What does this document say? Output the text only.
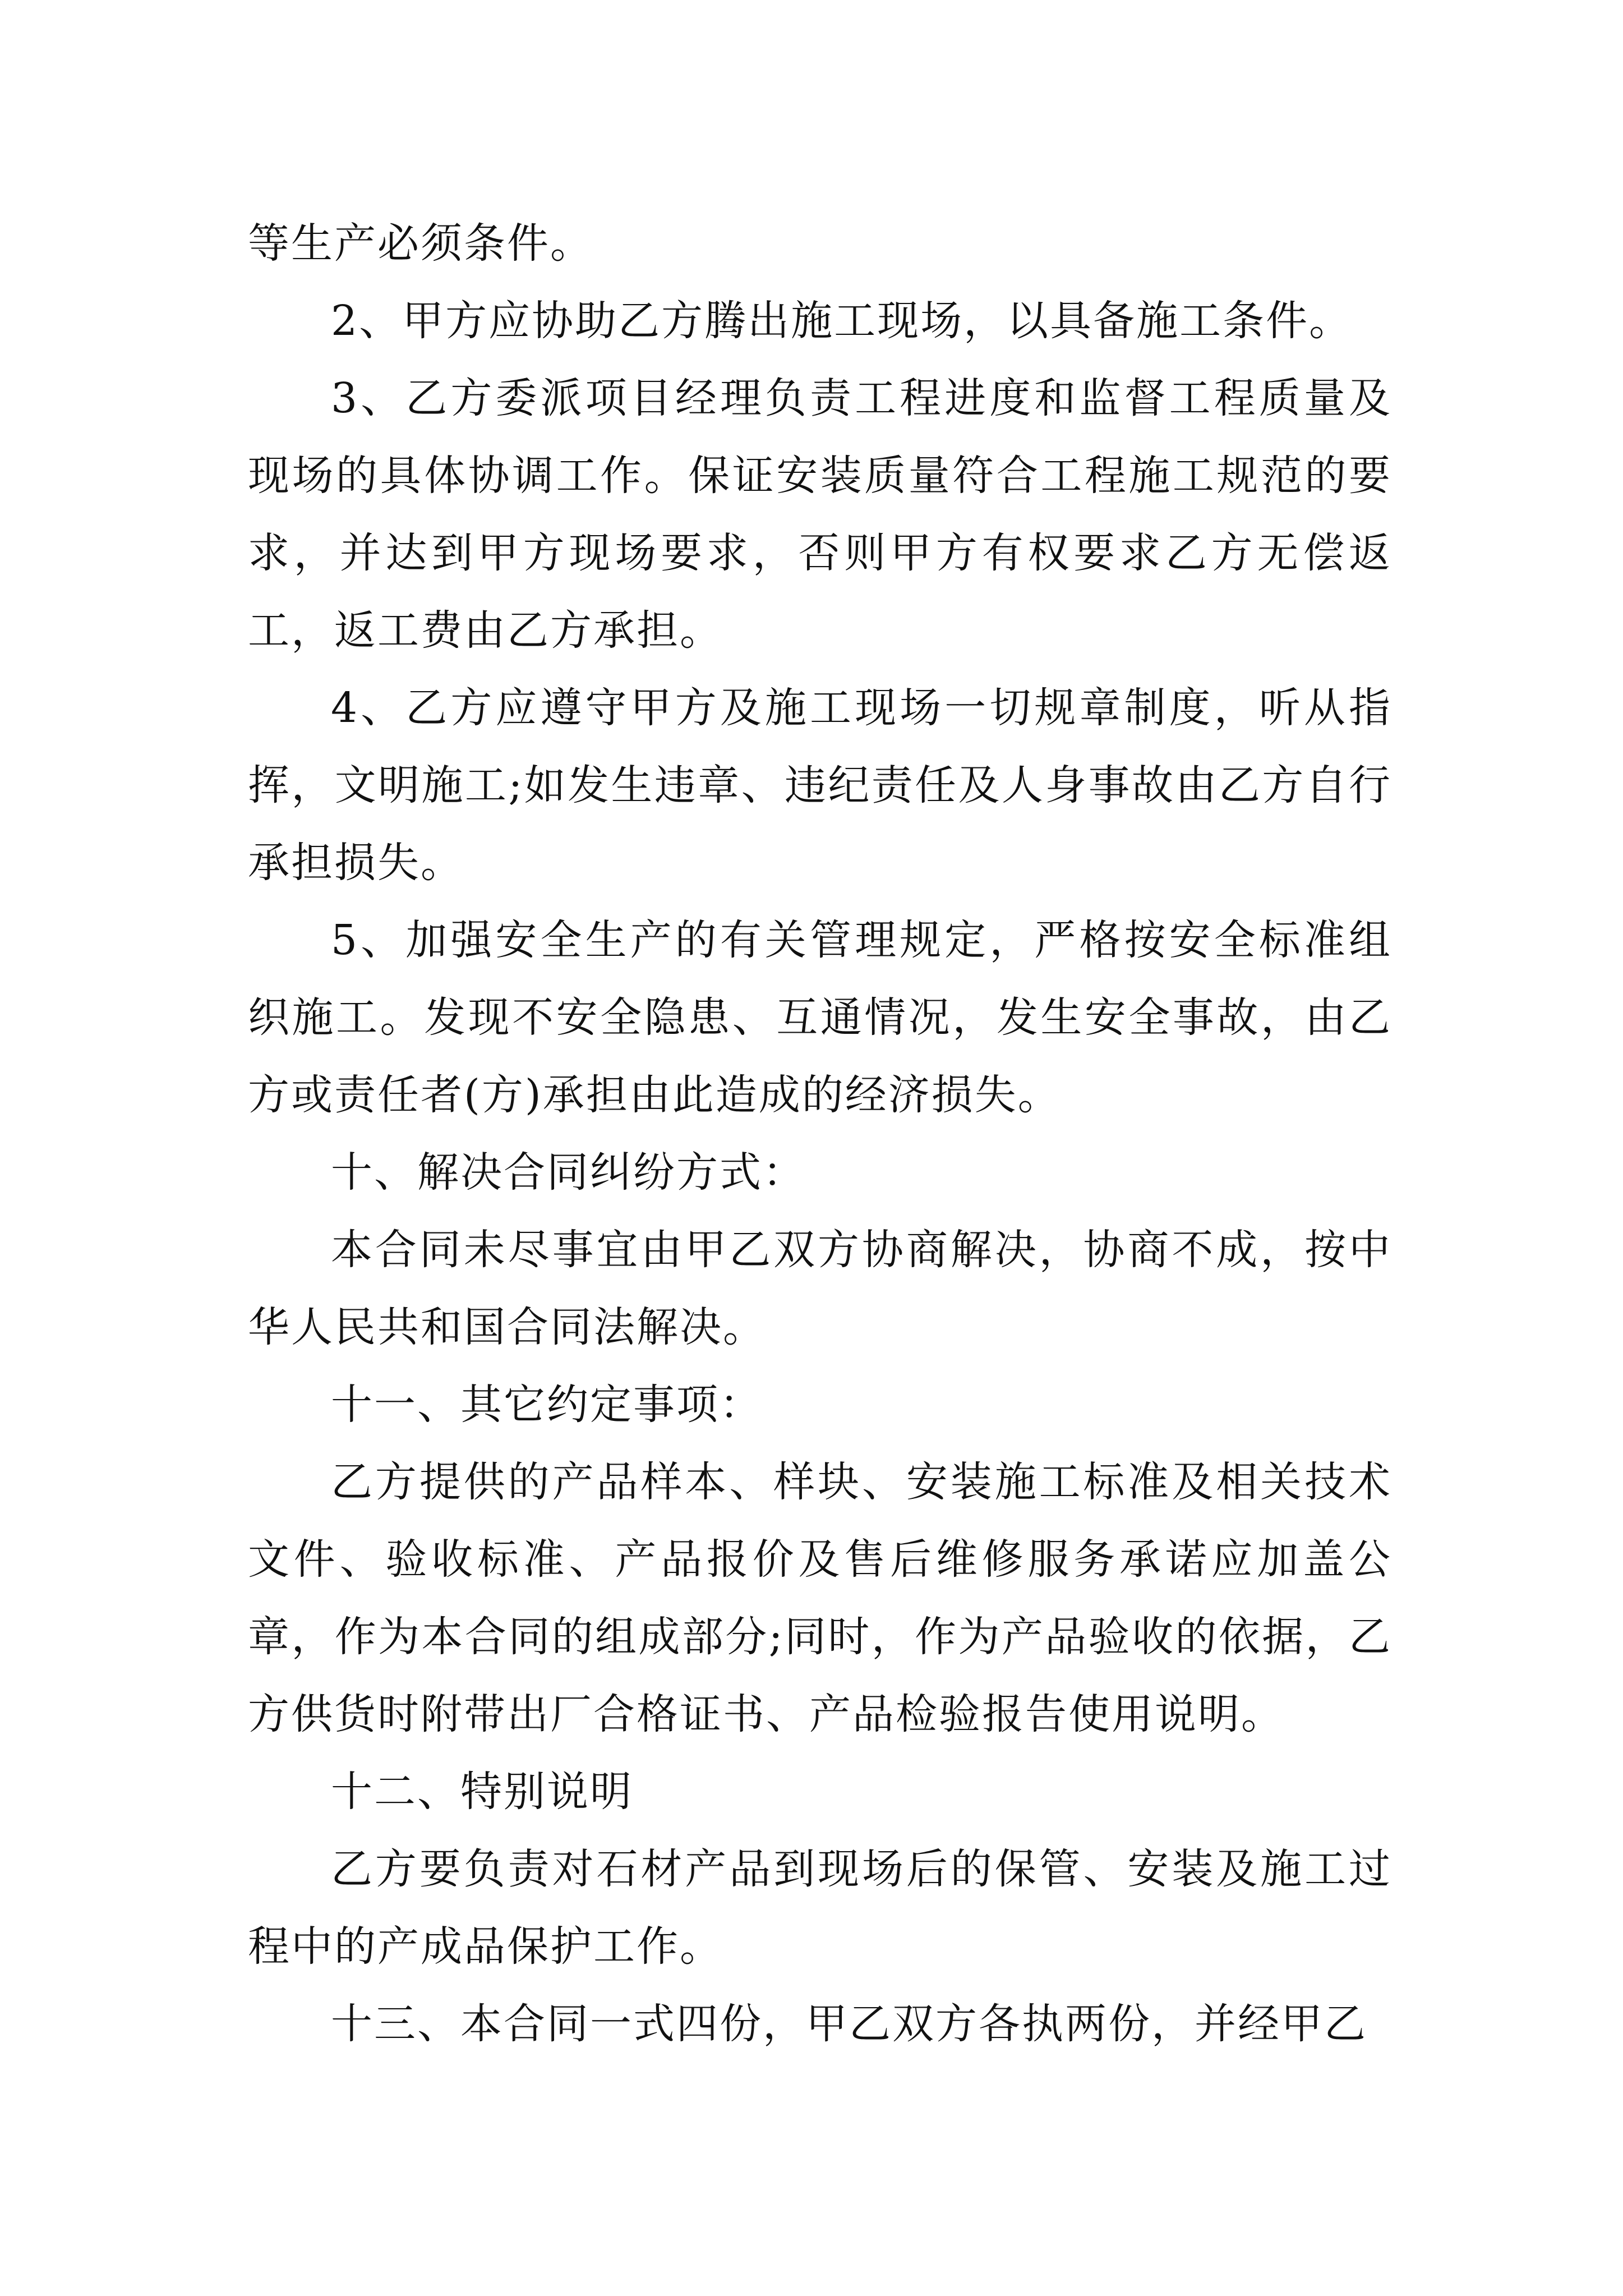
等生产必须条件。

2、甲方应协助乙方腾出施工现场，以具备施工条件。

3、乙方委派项目经理负责工程进度和监督工程质量及现场的具体协调工作。保证安装质量符合工程施工规范的要求，并达到甲方现场要求，否则甲方有权要求乙方无偿返工，返工费由乙方承担。

4、乙方应遵守甲方及施工现场一切规章制度，听从指挥，文明施工;如发生违章、违纪责任及人身事故由乙方自行承担损失。

5、加强安全生产的有关管理规定，严格按安全标准组织施工。发现不安全隐患、互通情况，发生安全事故，由乙方或责任者(方)承担由此造成的经济损失。

十、解决合同纠纷方式：

本合同未尽事宜由甲乙双方协商解决，协商不成，按中华人民共和国合同法解决。

十一、其它约定事项：

乙方提供的产品样本、样块、安装施工标准及相关技术文件、验收标准、产品报价及售后维修服务承诺应加盖公章，作为本合同的组成部分;同时，作为产品验收的依据，乙方供货时附带出厂合格证书、产品检验报告使用说明。

十二、特别说明

乙方要负责对石材产品到现场后的保管、安装及施工过程中的产成品保护工作。

十三、本合同一式四份，甲乙双方各执两份，并经甲乙
